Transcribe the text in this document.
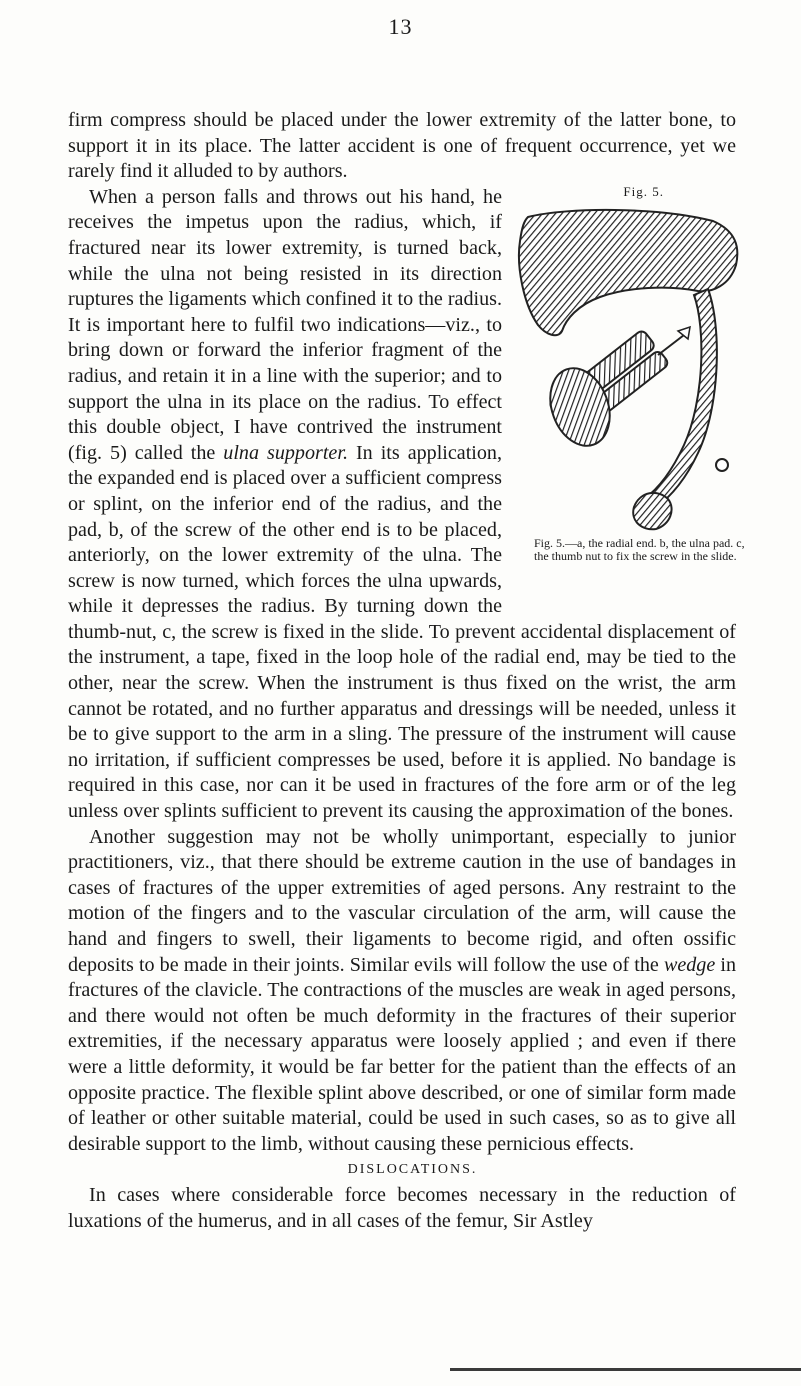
13

firm compress should be placed under the lower extremity of the latter bone, to support it in its place. The latter accident is one of frequent occurrence, yet we rarely find it alluded to by authors.

Fig. 5.
Fig. 5.—a, the radial end. b, the ulna pad. c, the thumb nut to fix the screw in the slide.
When a person falls and throws out his hand, he receives the impetus upon the radius, which, if fractured near its lower extremity, is turned back, while the ulna not being resisted in its direction ruptures the ligaments which confined it to the radius. It is important here to fulfil two indications—viz., to bring down or forward the inferior fragment of the radius, and retain it in a line with the superior; and to support the ulna in its place on the radius. To effect this double object, I have contrived the instrument (fig. 5) called the ulna supporter. In its application, the expanded end is placed over a sufficient compress or splint, on the inferior end of the radius, and the pad, b, of the screw of the other end is to be placed, anteriorly, on the lower extremity of the ulna. The screw is now turned, which forces the ulna upwards, while it depresses the radius. By turning down the thumb-nut, c, the screw is fixed in the slide. To prevent accidental displacement of the instrument, a tape, fixed in the loop hole of the radial end, may be tied to the other, near the screw. When the instrument is thus fixed on the wrist, the arm cannot be rotated, and no further apparatus and dressings will be needed, unless it be to give support to the arm in a sling. The pressure of the instrument will cause no irritation, if sufficient compresses be used, before it is applied. No bandage is required in this case, nor can it be used in fractures of the fore arm or of the leg unless over splints sufficient to prevent its causing the approximation of the bones.

Another suggestion may not be wholly unimportant, especially to junior practitioners, viz., that there should be extreme caution in the use of bandages in cases of fractures of the upper extremities of aged persons. Any restraint to the motion of the fingers and to the vascular circulation of the arm, will cause the hand and fingers to swell, their ligaments to become rigid, and often ossific deposits to be made in their joints. Similar evils will follow the use of the wedge in fractures of the clavicle. The contractions of the muscles are weak in aged persons, and there would not often be much deformity in the fractures of their superior extremities, if the necessary apparatus were loosely applied ; and even if there were a little deformity, it would be far better for the patient than the effects of an opposite practice. The flexible splint above described, or one of similar form made of leather or other suitable material, could be used in such cases, so as to give all desirable support to the limb, without causing these pernicious effects.

DISLOCATIONS.

In cases where considerable force becomes necessary in the reduction of luxations of the humerus, and in all cases of the femur, Sir Astley
